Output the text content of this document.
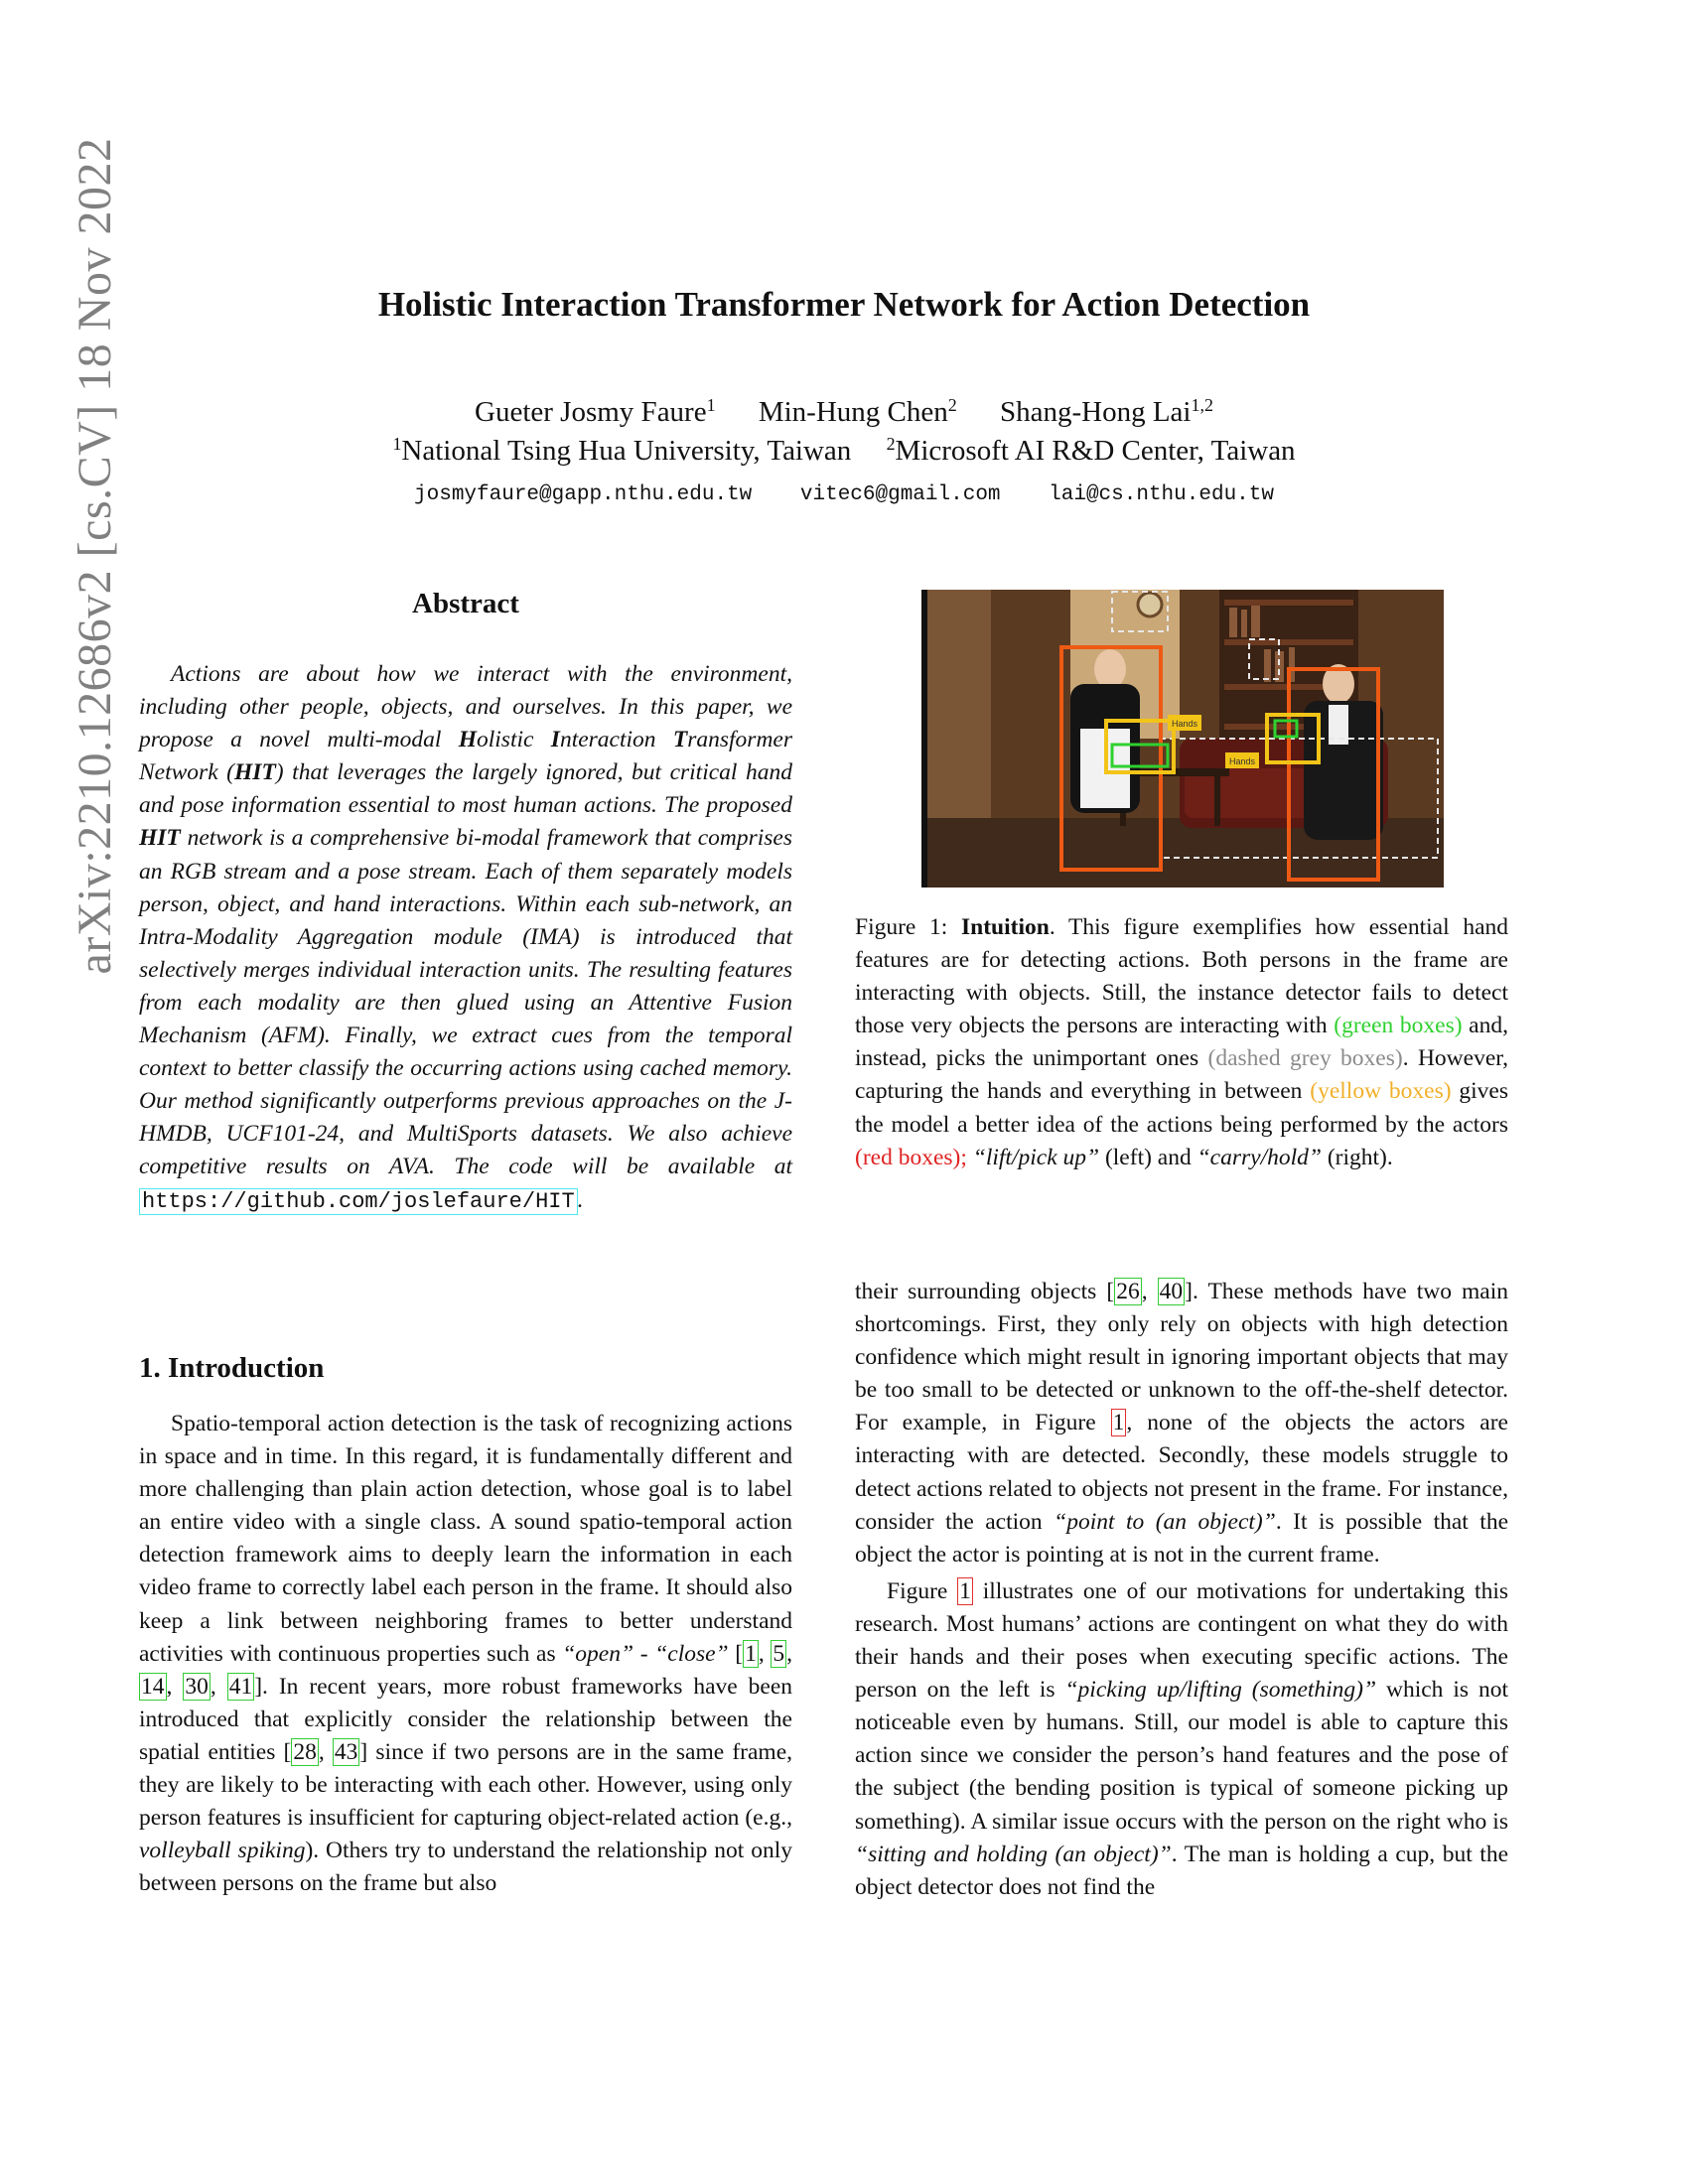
arXiv:2210.12686v2 [cs.CV] 18 Nov 2022	Holistic Interaction Transformer Network for Action Detection
Gueter Josmy Faure$^1$ Min-Hung Chen$^2$ Shang-Hong Lai$^{1,2}$
$^1$National Tsing Hua University, Taiwan $^2$Microsoft AI R&D Center, Taiwan
josmyfaure@gapp.nthu.edu.tw vitec6@gmail.com lai@cs.nthu.edu.tw
Abstract
Actions are about how we interact with the environment, including other people, objects, and ourselves. In this paper, we propose a novel multi-modal Holistic Interaction Transformer Network (HIT) that leverages the largely ignored, but critical hand and pose information essential to most human actions. The proposed HIT network is a comprehensive bi-modal framework that comprises an RGB stream and a pose stream. Each of them separately models person, object, and hand interactions. Within each sub-network, an Intra-Modality Aggregation module (IMA) is introduced that selectively merges individual interaction units. The resulting features from each modality are then glued using an Attentive Fusion Mechanism (AFM). Finally, we extract cues from the temporal context to better classify the occurring actions using cached memory. Our method significantly outperforms previous approaches on the J-HMDB, UCF101-24, and MultiSports datasets. We also achieve competitive results on AVA. The code will be available at https://github.com/joslefaure/HIT .
1. Introduction

Spatio-temporal action detection is the task of recognizing actions in space and in time. In this regard, it is fundamentally different and more challenging than plain action detection, whose goal is to label an entire video with a single class. A sound spatio-temporal action detection framework aims to deeply learn the information in each video frame to correctly label each person in the frame. It should also keep a link between neighboring frames to better understand activities with continuous properties such as “open” - “close” [1, 5, 14, 30, 41]. In recent years, more robust frameworks have been introduced that explicitly consider the relationship between the spatial entities [28, 43] since if two persons are in the same frame, they are likely to be interacting with each other. However, using only person features is insufficient for capturing object-related action (e.g., volleyball spiking). Others try to understand the relationship not only between persons on the frame but also

Hands
Hands
Figure 1: Intuition. This figure exemplifies how essential hand features are for detecting actions. Both persons in the frame are interacting with objects. Still, the instance detector fails to detect those very objects the persons are interacting with (green boxes) and, instead, picks the unimportant ones (dashed grey boxes). However, capturing the hands and everything in between (yellow boxes) gives the model a better idea of the actions being performed by the actors (red boxes); “lift/pick up” (left) and “carry/hold” (right).

their surrounding objects [26, 40]. These methods have two main shortcomings. First, they only rely on objects with high detection confidence which might result in ignoring important objects that may be too small to be detected or unknown to the off-the-shelf detector. For example, in Figure 1, none of the objects the actors are interacting with are detected. Secondly, these models struggle to detect actions related to objects not present in the frame. For instance, consider the action “point to (an object)”. It is possible that the object the actor is pointing at is not in the current frame.

Figure 1 illustrates one of our motivations for undertaking this research. Most humans’ actions are contingent on what they do with their hands and their poses when executing specific actions. The person on the left is “picking up/lifting (something)” which is not noticeable even by humans. Still, our model is able to capture this action since we consider the person’s hand features and the pose of the subject (the bending position is typical of someone picking up something). A similar issue occurs with the person on the right who is “sitting and holding (an object)”. The man is holding a cup, but the object detector does not find the
